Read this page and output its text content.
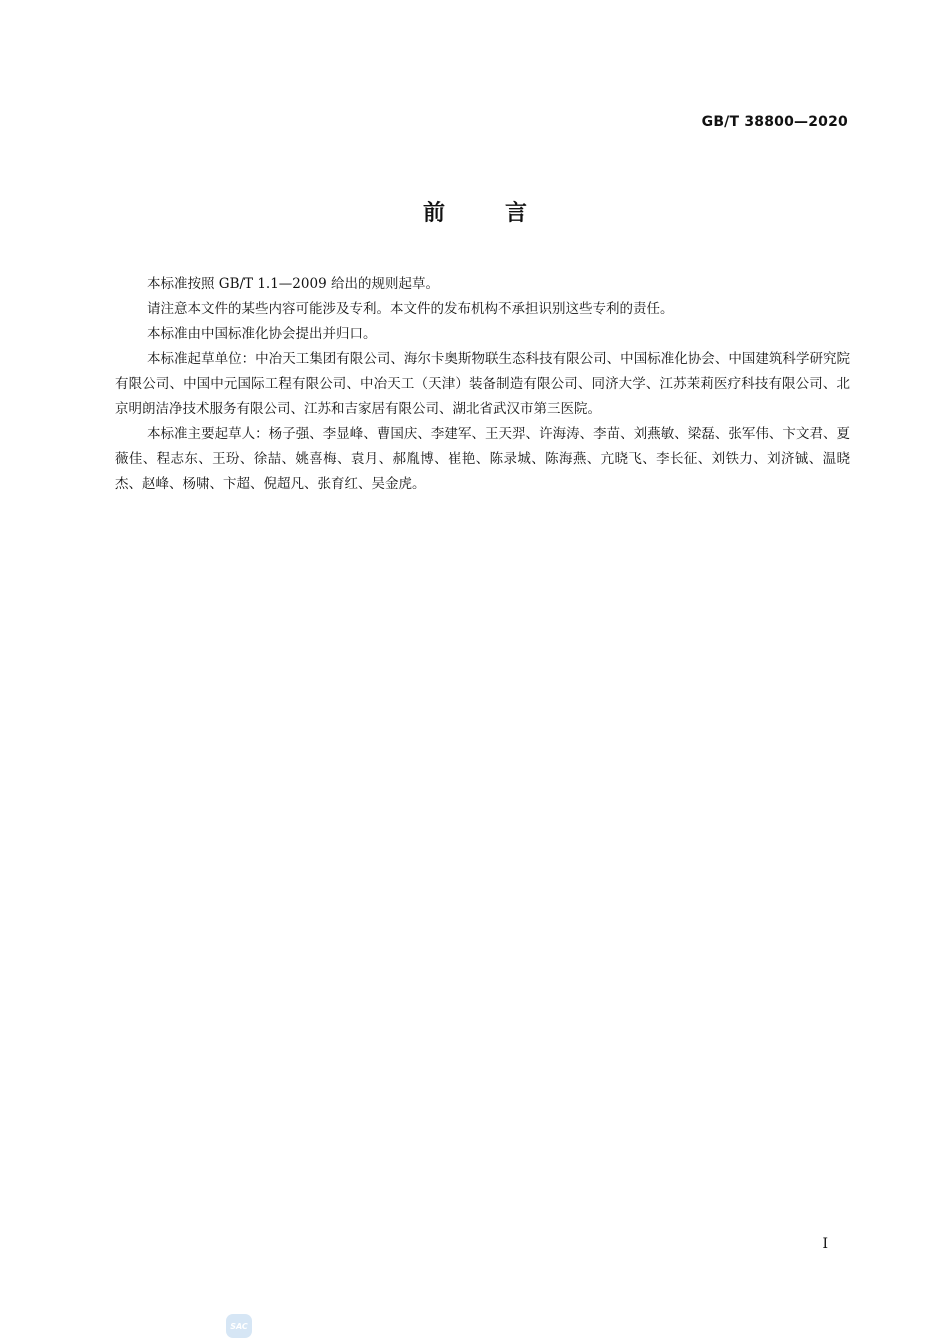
GB/T 38800—2020
前	言

本标准按照 GB/T 1.1—2009 给出的规则起草。

请注意本文件的某些内容可能涉及专利。本文件的发布机构不承担识别这些专利的责任。

本标准由中国标准化协会提出并归口。

本标准起草单位：中冶天工集团有限公司、海尔卡奥斯物联生态科技有限公司、中国标准化协会、中国建筑科学研究院有限公司、中国中元国际工程有限公司、中冶天工（天津）装备制造有限公司、同济大学、江苏茉莉医疗科技有限公司、北京明朗洁净技术服务有限公司、江苏和吉家居有限公司、湖北省武汉市第三医院。

本标准主要起草人：杨子强、李显峰、曹国庆、李建军、王天羿、许海涛、李苗、刘燕敏、梁磊、张军伟、卞文君、夏薇佳、程志东、王玢、徐喆、姚喜梅、袁月、郝胤博、崔艳、陈录城、陈海燕、亢晓飞、李长征、刘铁力、刘济铖、温晓杰、赵峰、杨啸、卞超、倪超凡、张育红、吴金虎。

I
SAC
